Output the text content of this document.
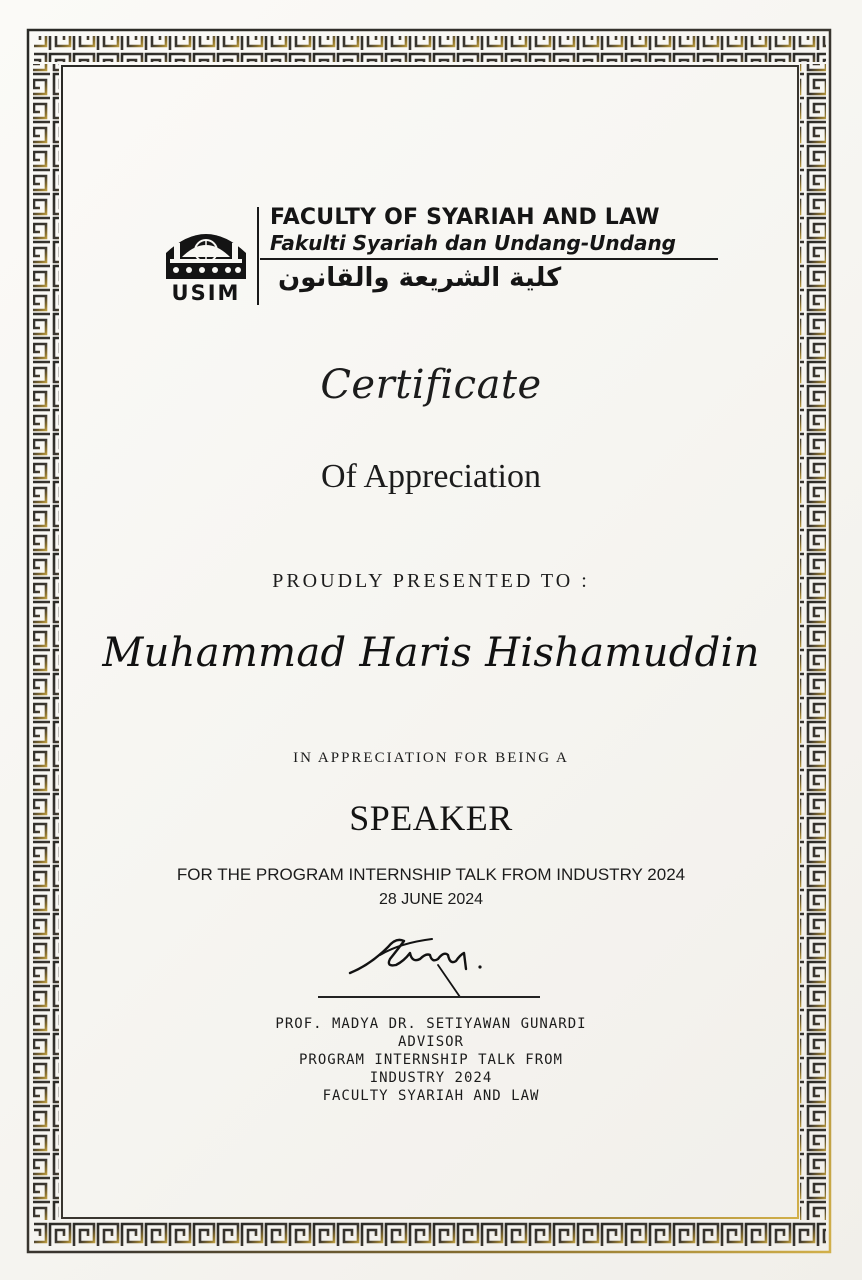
USIM
FACULTY OF SYARIAH AND LAW
Fakulti Syariah dan Undang-Undang
كلية الشريعة والقانون
Certificate
Of Appreciation
PROUDLY PRESENTED TO :
Muhammad Haris Hishamuddin
IN APPRECIATION FOR BEING A
SPEAKER
FOR THE PROGRAM INTERNSHIP TALK FROM INDUSTRY 2024
28 JUNE 2024
PROF. MADYA DR. SETIYAWAN GUNARDI
ADVISOR
PROGRAM INTERNSHIP TALK FROM
INDUSTRY 2024
FACULTY SYARIAH AND LAW
